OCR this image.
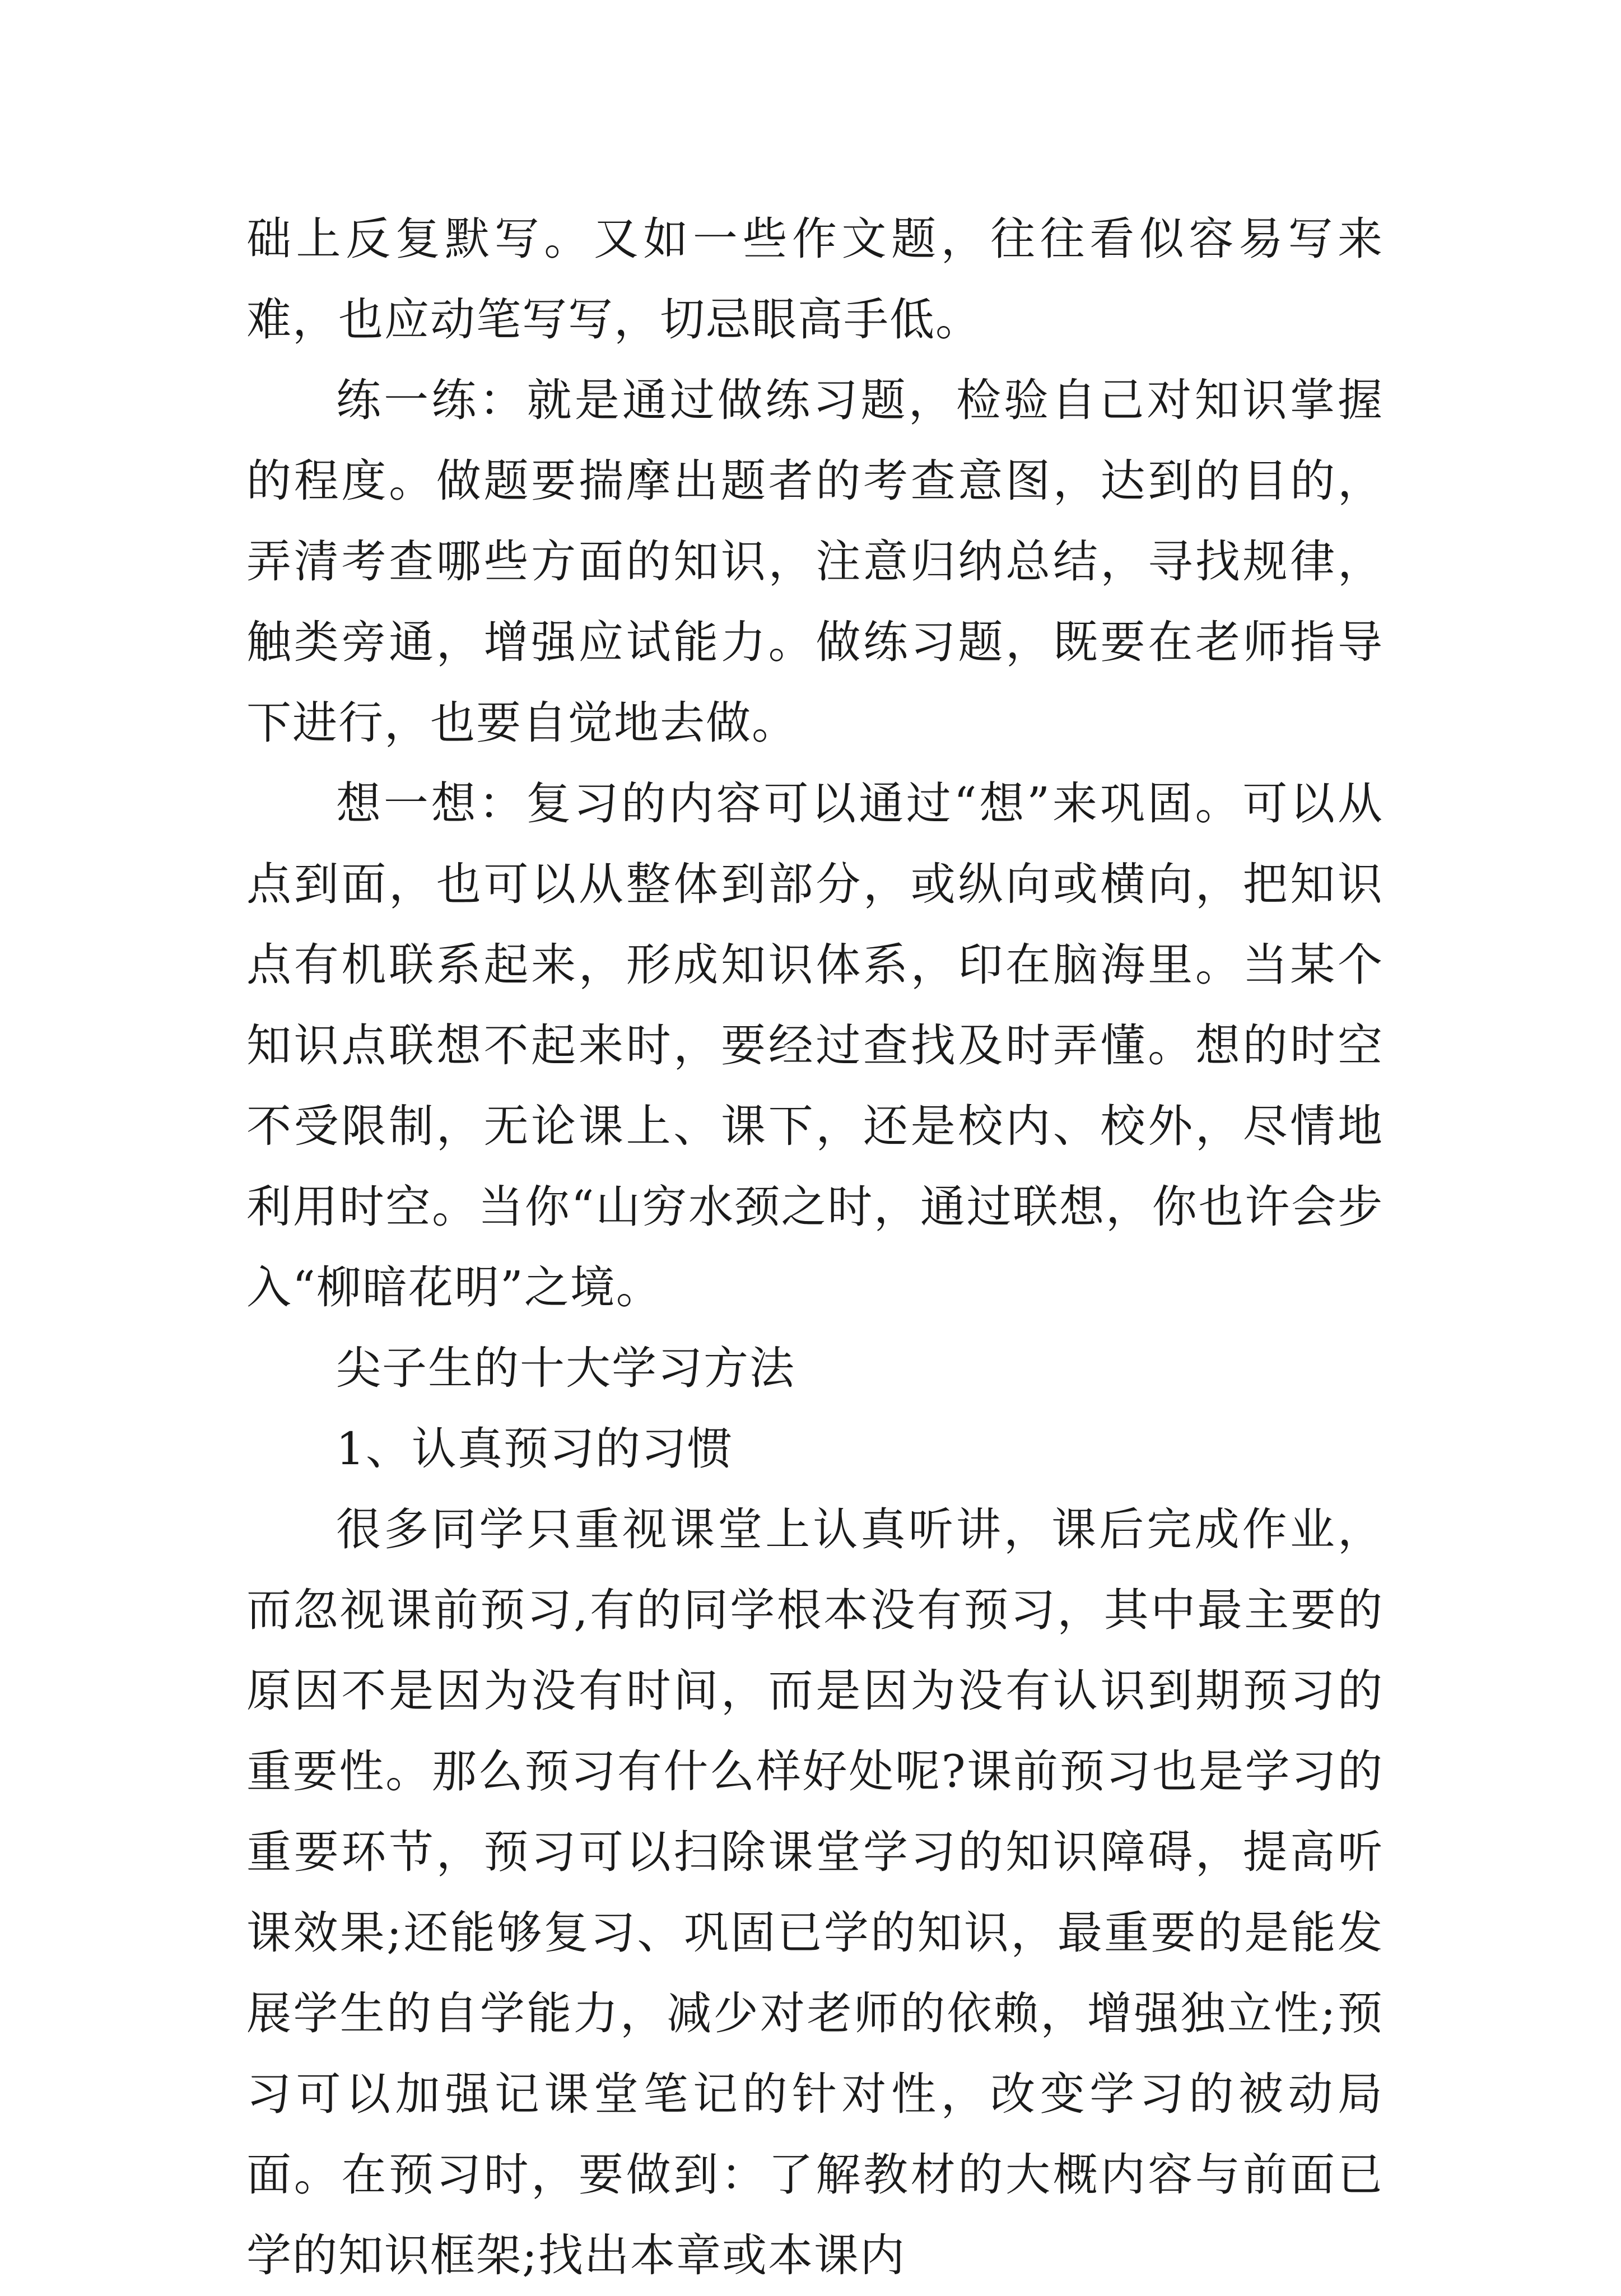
础上反复默写。又如一些作文题，往往看似容易写来难，也应动笔写写，切忌眼高手低。

练一练：就是通过做练习题，检验自己对知识掌握的程度。做题要揣摩出题者的考查意图，达到的目的，弄清考查哪些方面的知识，注意归纳总结，寻找规律，触类旁通，增强应试能力。做练习题，既要在老师指导下进行，也要自觉地去做。

想一想：复习的内容可以通过“想”来巩固。可以从点到面，也可以从整体到部分，或纵向或横向，把知识点有机联系起来，形成知识体系，印在脑海里。当某个知识点联想不起来时，要经过查找及时弄懂。想的时空不受限制，无论课上、课下，还是校内、校外，尽情地利用时空。当你“山穷水颈之时，通过联想，你也许会步入“柳暗花明”之境。

尖子生的十大学习方法

1、认真预习的习惯

很多同学只重视课堂上认真听讲，课后完成作业，而忽视课前预习,有的同学根本没有预习，其中最主要的原因不是因为没有时间，而是因为没有认识到期预习的重要性。那么预习有什么样好处呢?课前预习也是学习的重要环节，预习可以扫除课堂学习的知识障碍，提高听课效果;还能够复习、巩固已学的知识，最重要的是能发展学生的自学能力，减少对老师的依赖，增强独立性;预习可以加强记课堂笔记的针对性，改变学习的被动局面。在预习时，要做到：了解教材的大概内容与前面已学的知识框架;找出本章或本课内
